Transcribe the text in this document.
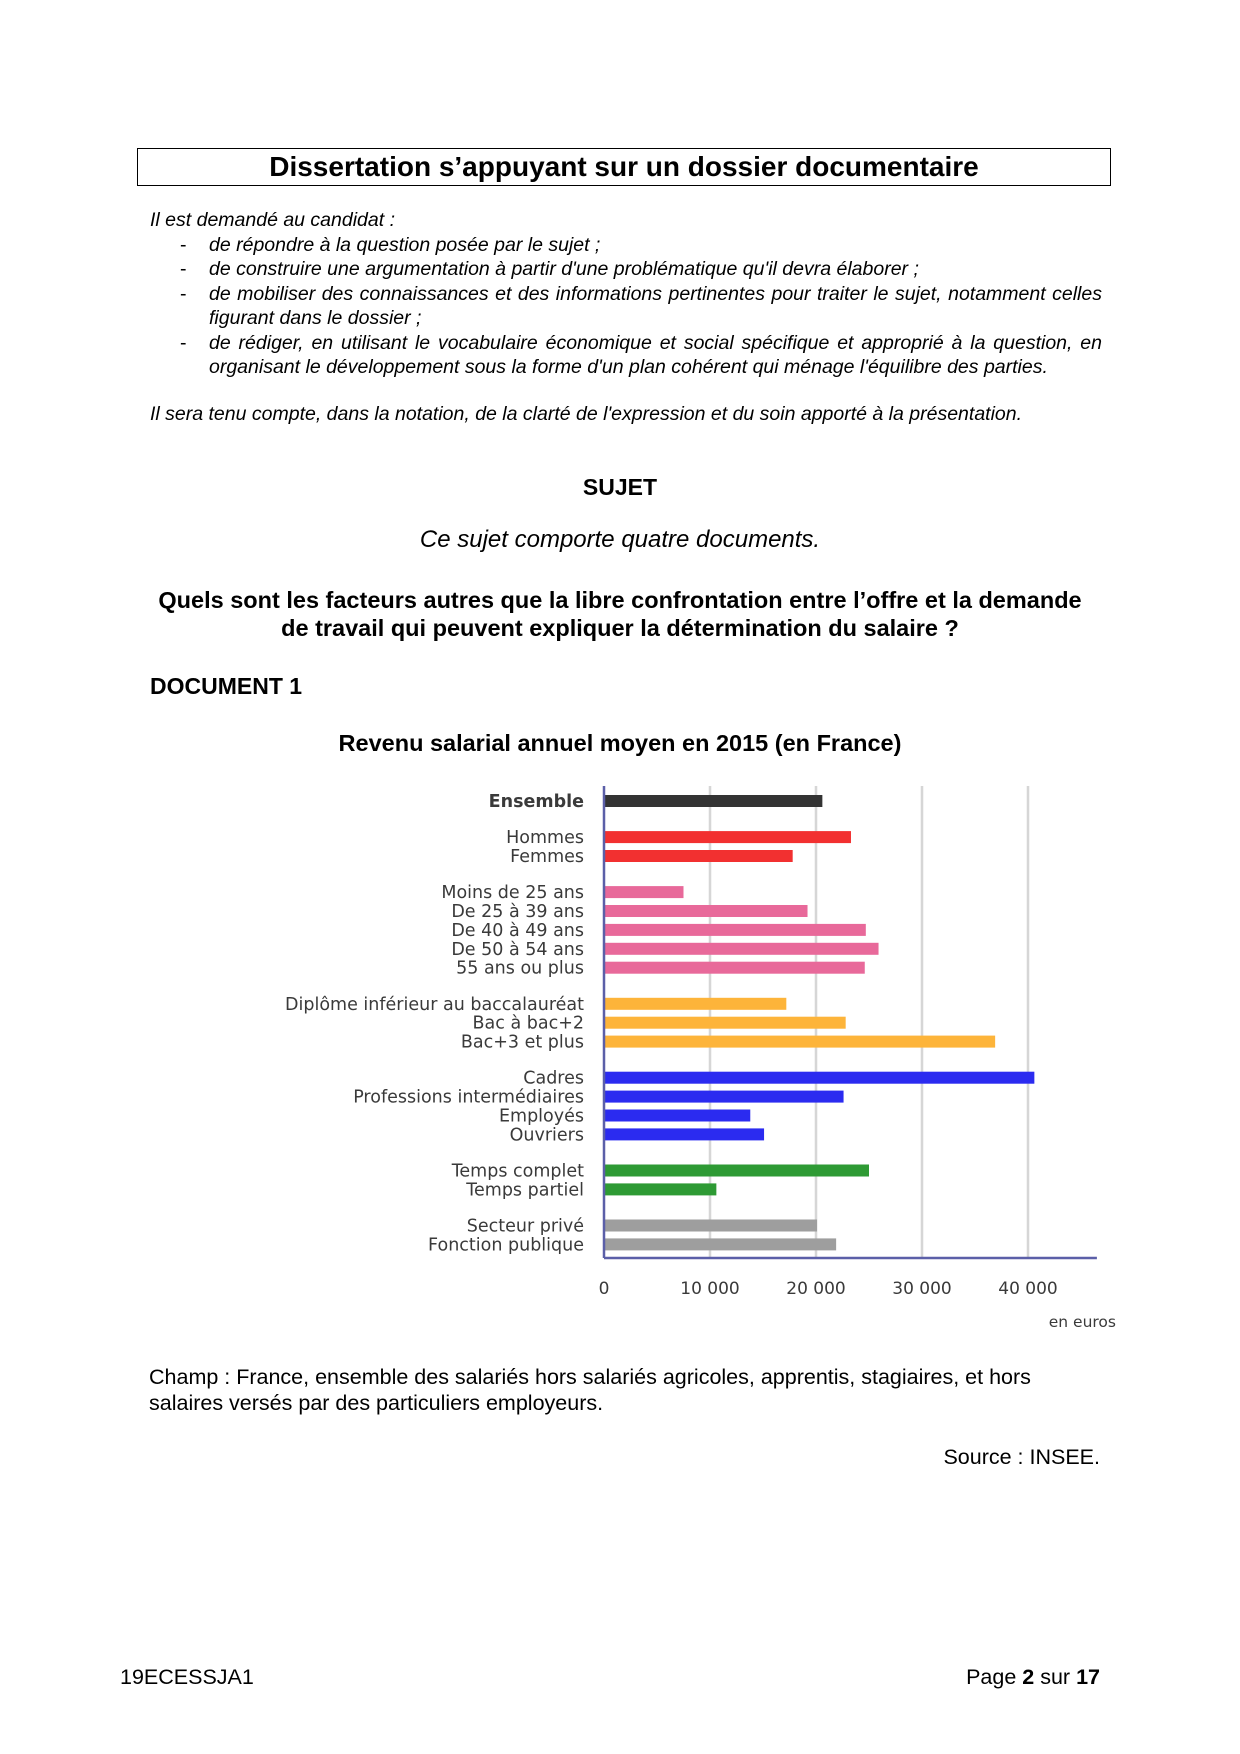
Dissertation s’appuyant sur un dossier documentaire

Il est demandé au candidat :

- de répondre à la question posée par le sujet ;
- de construire une argumentation à partir d'une problématique qu'il devra élaborer ;
- de mobiliser des connaissances et des informations pertinentes pour traiter le sujet, notamment celles figurant dans le dossier ;
- de rédiger, en utilisant le vocabulaire économique et social spécifique et approprié à la question, en organisant le développement sous la forme d'un plan cohérent qui ménage l'équilibre des parties.

Il sera tenu compte, dans la notation, de la clarté de l'expression et du soin apporté à la présentation.

SUJET
Ce sujet comporte quatre documents.
Quels sont les facteurs autres que la libre confrontation entre l’offre et la demande de travail qui peuvent expliquer la détermination du salaire ?
DOCUMENT 1
Revenu salarial annuel moyen en 2015 (en France)
Ensemble
Hommes
Femmes
Moins de 25 ans
De 25 à 39 ans
De 40 à 49 ans
De 50 à 54 ans
55 ans ou plus
Diplôme inférieur au baccalauréat
Bac à bac+2
Bac+3 et plus
Cadres
Professions intermédiaires
Employés
Ouvriers
Temps complet
Temps partiel
Secteur privé
Fonction publique
0	10 000	20 000	30 000	40 000
en euros
Champ : France, ensemble des salariés hors salariés agricoles, apprentis, stagiaires, et hors salaires versés par des particuliers employeurs.
Source : INSEE.
19ECESSJA1	Page 2 sur 17
